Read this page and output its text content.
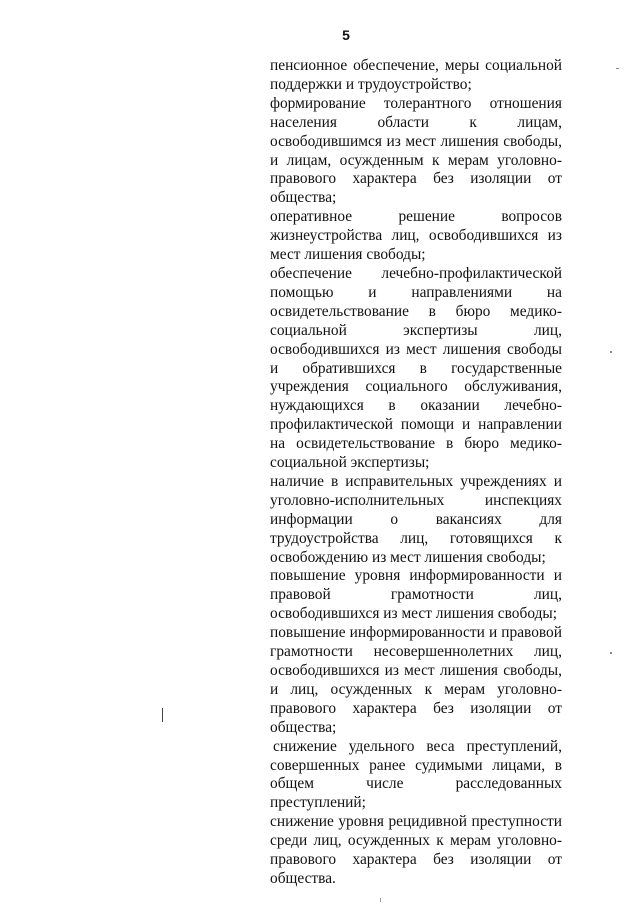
5

пенсионное обеспечение, меры социальной поддержки и трудоустройство;

формирование толерантного отношения населения области к лицам, освободившимся из мест лишения свободы, и лицам, осужденным к мерам уголовно-правового характера без изоляции от общества;

оперативное решение вопросов жизнеустройства лиц, освободившихся из мест лишения свободы;

обеспечение лечебно-профилактической помощью и направлениями на освидетельствование в бюро медико-социальной экспертизы лиц, освободившихся из мест лишения свободы и обратившихся в государственные учреждения социального обслуживания, нуждающихся в оказании лечебно-профилактической помощи и направлении на освидетельствование в бюро медико-социальной экспертизы;

наличие в исправительных учреждениях и уголовно-исполнительных инспекциях информации о вакансиях для трудоустройства лиц, готовящихся к освобождению из мест лишения свободы;

повышение уровня информированности и правовой грамотности лиц, освободившихся из мест лишения свободы;

повышение информированности и правовой грамотности несовершеннолетних лиц, освободившихся из мест лишения свободы, и лиц, осужденных к мерам уголовно-правового характера без изоляции от общества;

снижение удельного веса преступлений, совершенных ранее судимыми лицами, в общем числе расследованных преступлений;

снижение уровня рецидивной преступности среди лиц, осужденных к мерам уголовно-правового характера без изоляции от общества.
